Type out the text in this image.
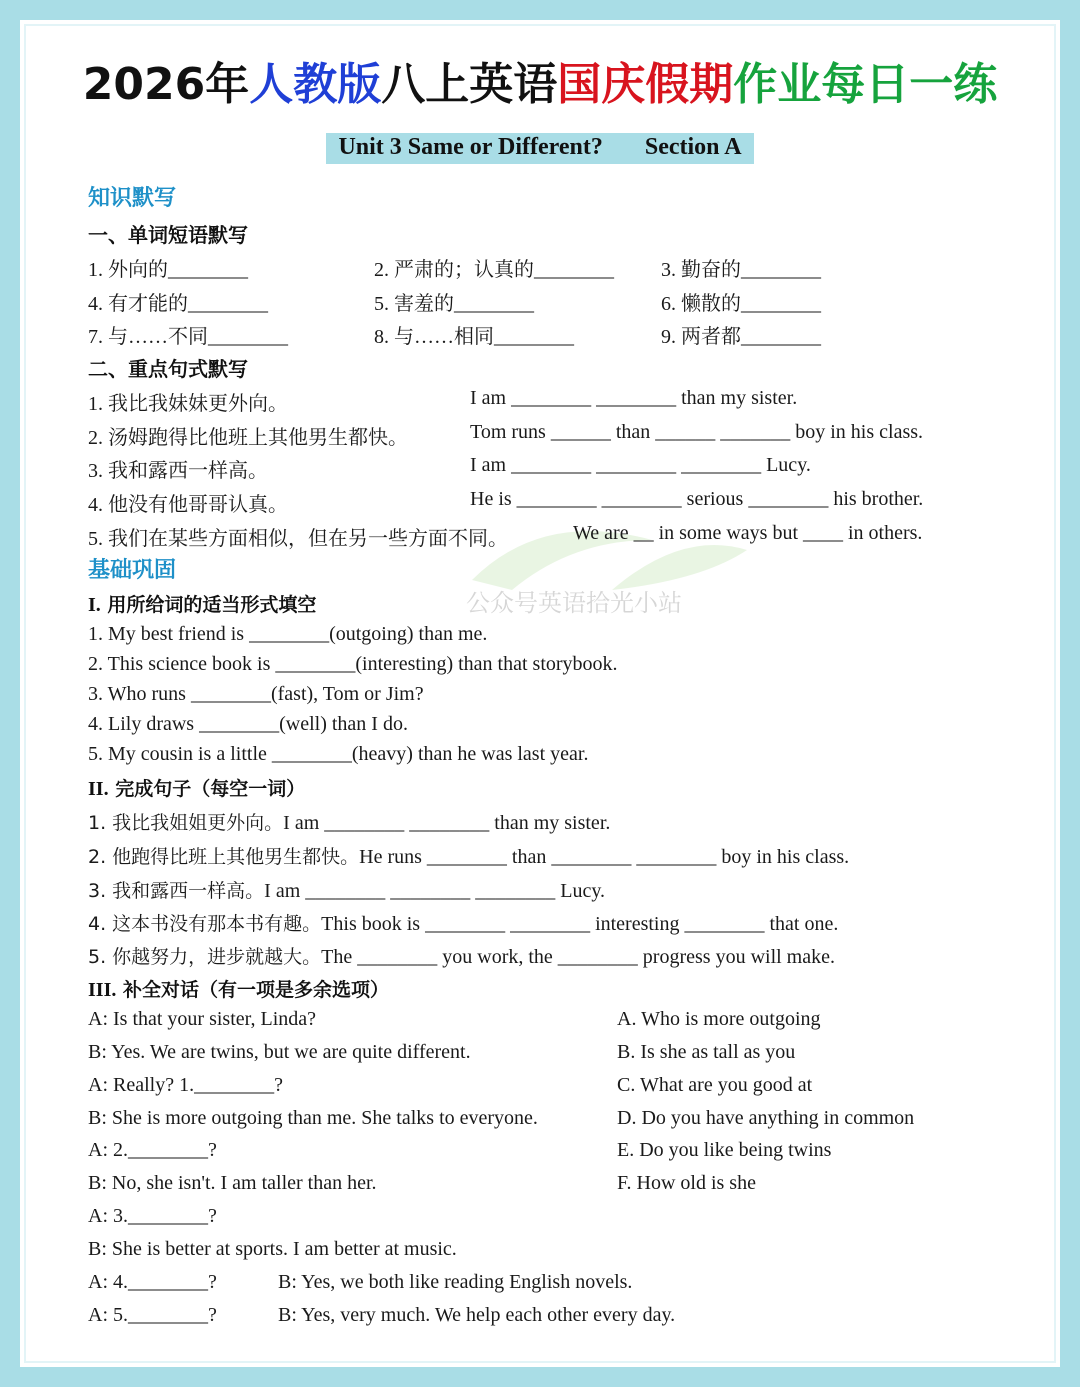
2026年人教版八上英语国庆假期作业每日一练
Unit 3 Same or Different?       Section A
公众号英语拾光小站
知识默写
一、单词短语默写
1. 外向的________	2. 严肃的；认真的________ 3. 勤奋的________
4. 有才能的________	5. 害羞的________	6. 懒散的________
7. 与……不同________	8. 与……相同________	9. 两者都________
二、重点句式默写
1. 我比我妹妹更外向。	I am ________ ________ than my sister.
2. 汤姆跑得比他班上其他男生都快。	Tom runs ______ than ______ _______ boy in his class.
3. 我和露西一样高。	I am ________ ________ ________ Lucy.
4. 他没有他哥哥认真。	He is ________ ________ serious ________ his brother.
5. 我们在某些方面相似，但在另一些方面不同。	We are __ in some ways but ____ in others.
基础巩固
I. 用所给词的适当形式填空
1. My best friend is ________(outgoing) than me.
2. This science book is ________(interesting) than that storybook.
3. Who runs ________(fast), Tom or Jim?
4. Lily draws ________(well) than I do.
5. My cousin is a little ________(heavy) than he was last year.
II. 完成句子（每空一词）
1. 我比我姐姐更外向。I am ________ ________ than my sister.
2. 他跑得比班上其他男生都快。He runs ________ than ________ ________ boy in his class.
3. 我和露西一样高。I am ________ ________ ________ Lucy.
4. 这本书没有那本书有趣。This book is ________ ________ interesting ________ that one.
5. 你越努力，进步就越大。The ________ you work, the ________ progress you will make.
III. 补全对话（有一项是多余选项）
A: Is that your sister, Linda?
B: Yes. We are twins, but we are quite different.
A: Really? 1.________?
B: She is more outgoing than me. She talks to everyone.
A: 2.________?
B: No, she isn't. I am taller than her.
A: 3.________?
B: She is better at sports. I am better at music.
A: 4.________?	B: Yes, we both like reading English novels.
A: 5.________?	B: Yes, very much. We help each other every day.
A. Who is more outgoing
B. Is she as tall as you
C. What are you good at
D. Do you have anything in common
E. Do you like being twins
F. How old is she
